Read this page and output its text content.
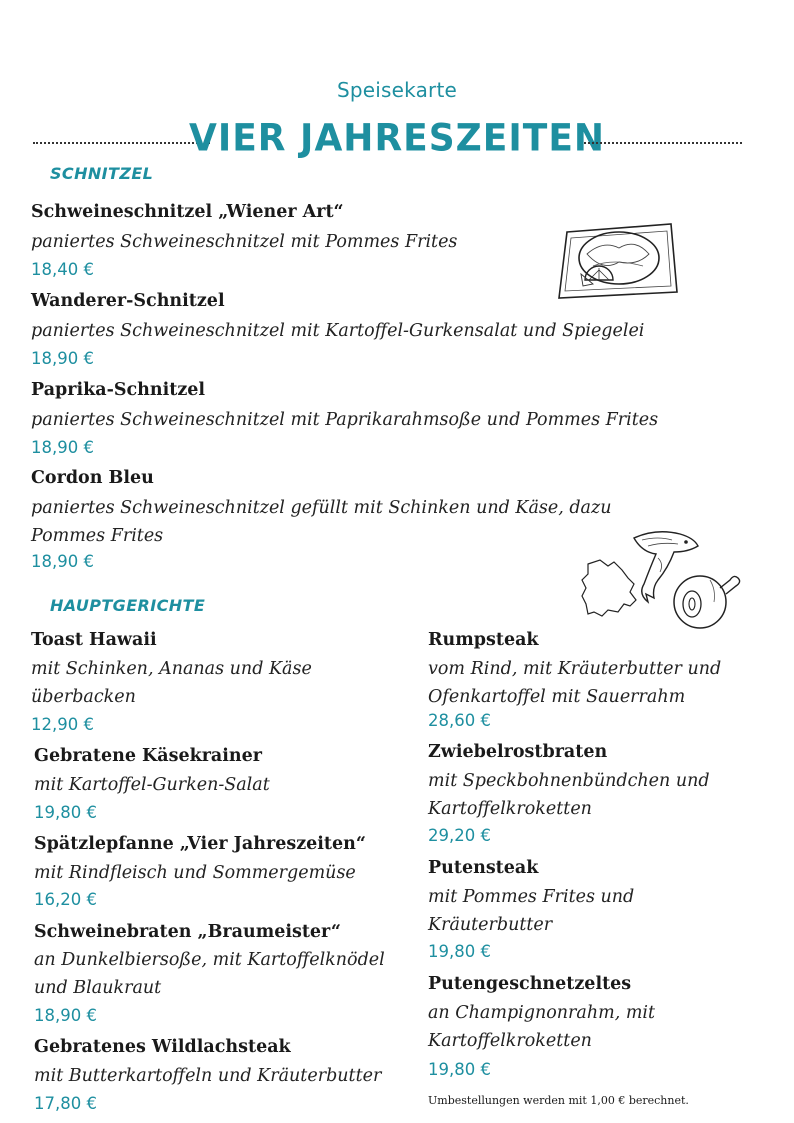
Speisekarte
VIER JAHRESZEITEN
SCHNITZEL
Schweineschnitzel „Wiener Art“
paniertes Schweineschnitzel mit Pommes Frites
18,40 €
Wanderer-Schnitzel
paniertes Schweineschnitzel mit Kartoffel-Gurkensalat und Spiegelei
18,90 €
Paprika-Schnitzel
paniertes Schweineschnitzel mit Paprikarahmsoße und Pommes Frites
18,90 €
Cordon Bleu
paniertes Schweineschnitzel gefüllt mit Schinken und Käse, dazu
Pommes Frites
18,90 €
HAUPTGERICHTE
Toast Hawaii
mit Schinken, Ananas und Käse
überbacken
12,90 €
Gebratene Käsekrainer
mit Kartoffel-Gurken-Salat
19,80 €
Spätzlepfanne „Vier Jahreszeiten“
mit Rindfleisch und Sommergemüse
16,20 €
Schweinebraten „Braumeister“
an Dunkelbiersoße, mit Kartoffelknödel
und Blaukraut
18,90 €
Gebratenes Wildlachsteak
mit Butterkartoffeln und Kräuterbutter
17,80 €
Rumpsteak
vom Rind, mit Kräuterbutter und
Ofenkartoffel mit Sauerrahm
28,60 €
Zwiebelrostbraten
mit Speckbohnenbündchen und
Kartoffelkroketten
29,20 €
Putensteak
mit Pommes Frites und
Kräuterbutter
19,80 €
Putengeschnetzeltes
an Champignonrahm, mit
Kartoffelkroketten
19,80 €
Umbestellungen werden mit 1,00 € berechnet.
